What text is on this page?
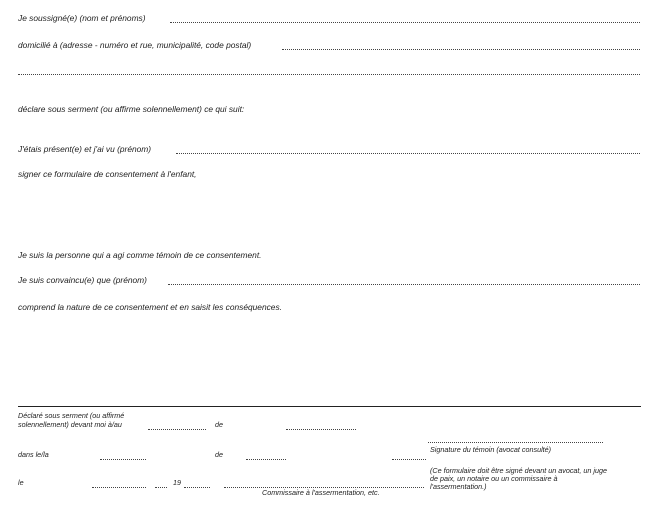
Je soussigné(e) (nom et prénoms)
domicilié à (adresse - numéro et rue, municipalité, code postal)
déclare sous serment (ou affirme solennellement) ce qui suit:
J'étais présent(e) et j'ai vu (prénom)
signer ce formulaire de consentement à l'enfant,
Je suis la personne qui a agi comme témoin de ce consentement.
Je suis convaincu(e) que (prénom)
comprend la nature de ce consentement et en saisit les conséquences.
Déclaré sous serment (ou affirmé
solennellement) devant moi à/au	de
Signature du témoin (avocat consulté)
dans le/la	de
(Ce formulaire doit être signé devant un avocat, un juge de paix, un notaire ou un commissaire à l'assermentation.)
le	19
Commissaire à l'assermentation, etc.
